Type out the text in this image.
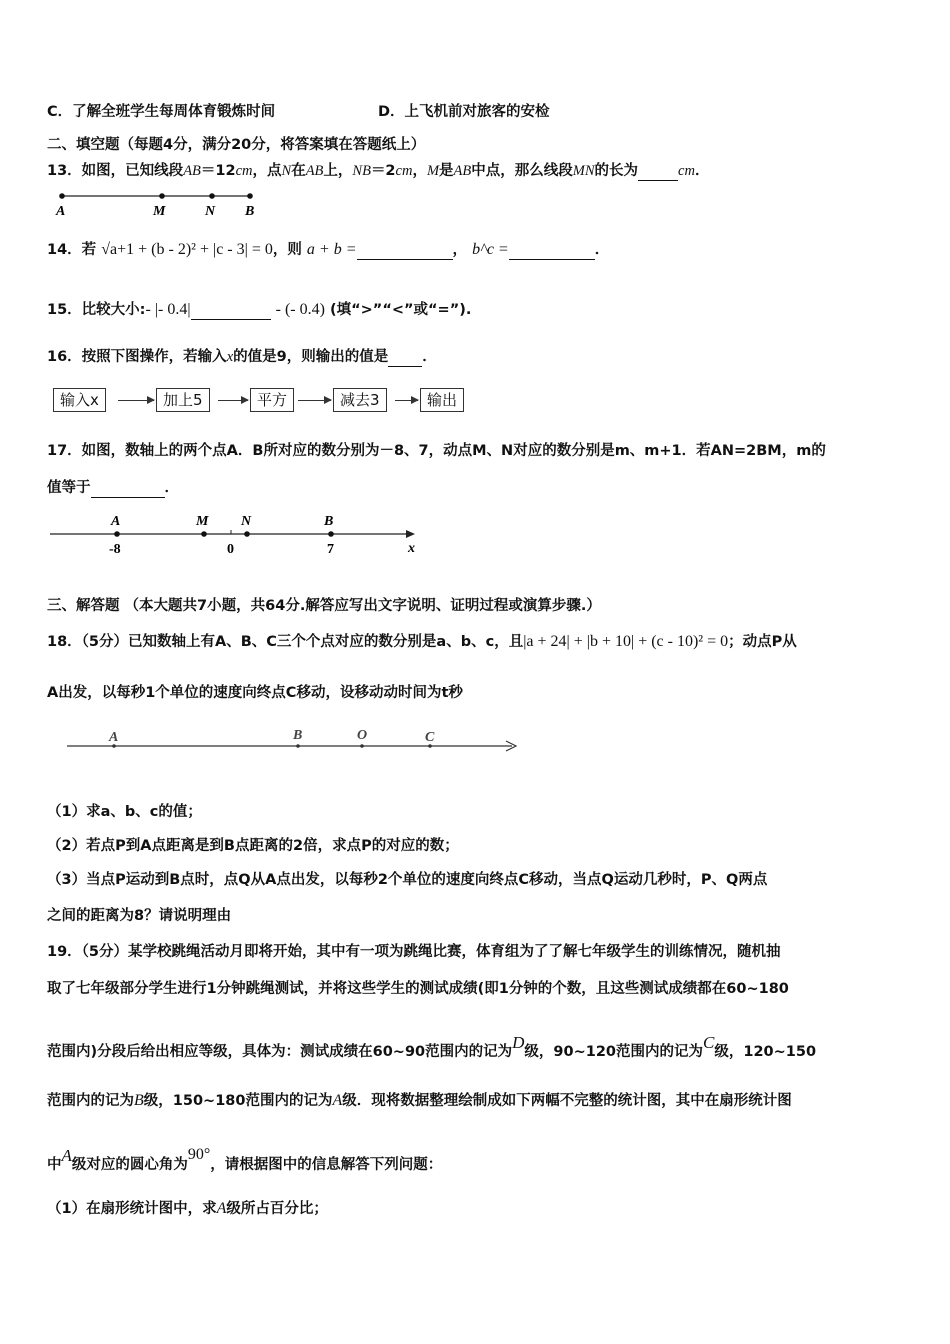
C．了解全班学生每周体育锻炼时间	D．上飞机前对旅客的安检
二、填空题（每题4分，满分20分，将答案填在答题纸上）
13．如图，已知线段AB＝12cm，点N在AB上，NB＝2cm，M是AB中点，那么线段MN的长为	cm．
A	M	N B
14．若 √a+1 + (b - 2)² + |c - 3| = 0，则 a + b =	， b^c =	．
15．比较大小:- |- 0.4|	- (- 0.4) (填“>”“<”或“=”).
16．按照下图操作，若输入x的值是9，则输出的值是 ．
输入x	加上5	平方	减去3	输出
17．如图，数轴上的两个点A．B所对应的数分别为－8、7，动点M、N对应的数分别是m、m+1．若AN=2BM，m的
值等于	．
A	M N	B
-8	0	7	x
三、解答题 （本大题共7小题，共64分.解答应写出文字说明、证明过程或演算步骤.）
18．（5分）已知数轴上有A、B、C三个个点对应的数分别是a、b、c，且|a + 24| + |b + 10| + (c - 10)² = 0；动点P从
A出发，以每秒1个单位的速度向终点C移动，设移动动时间为t秒
A	B	O	C
（1）求a、b、c的值；
（2）若点P到A点距离是到B点距离的2倍，求点P的对应的数；
（3）当点P运动到B点时，点Q从A点出发，以每秒2个单位的速度向终点C移动，当点Q运动几秒时，P、Q两点
之间的距离为8？请说明理由
19．（5分）某学校跳绳活动月即将开始，其中有一项为跳绳比赛，体育组为了了解七年级学生的训练情况，随机抽
取了七年级部分学生进行1分钟跳绳测试，并将这些学生的测试成绩(即1分钟的个数，且这些测试成绩都在60~180
范围内)分段后给出相应等级，具体为：测试成绩在60~90范围内的记为D级，90~120范围内的记为C级，120~150
范围内的记为B级，150~180范围内的记为A级．现将数据整理绘制成如下两幅不完整的统计图，其中在扇形统计图
中A级对应的圆心角为90°，请根据图中的信息解答下列问题：
（1）在扇形统计图中，求A级所占百分比；
